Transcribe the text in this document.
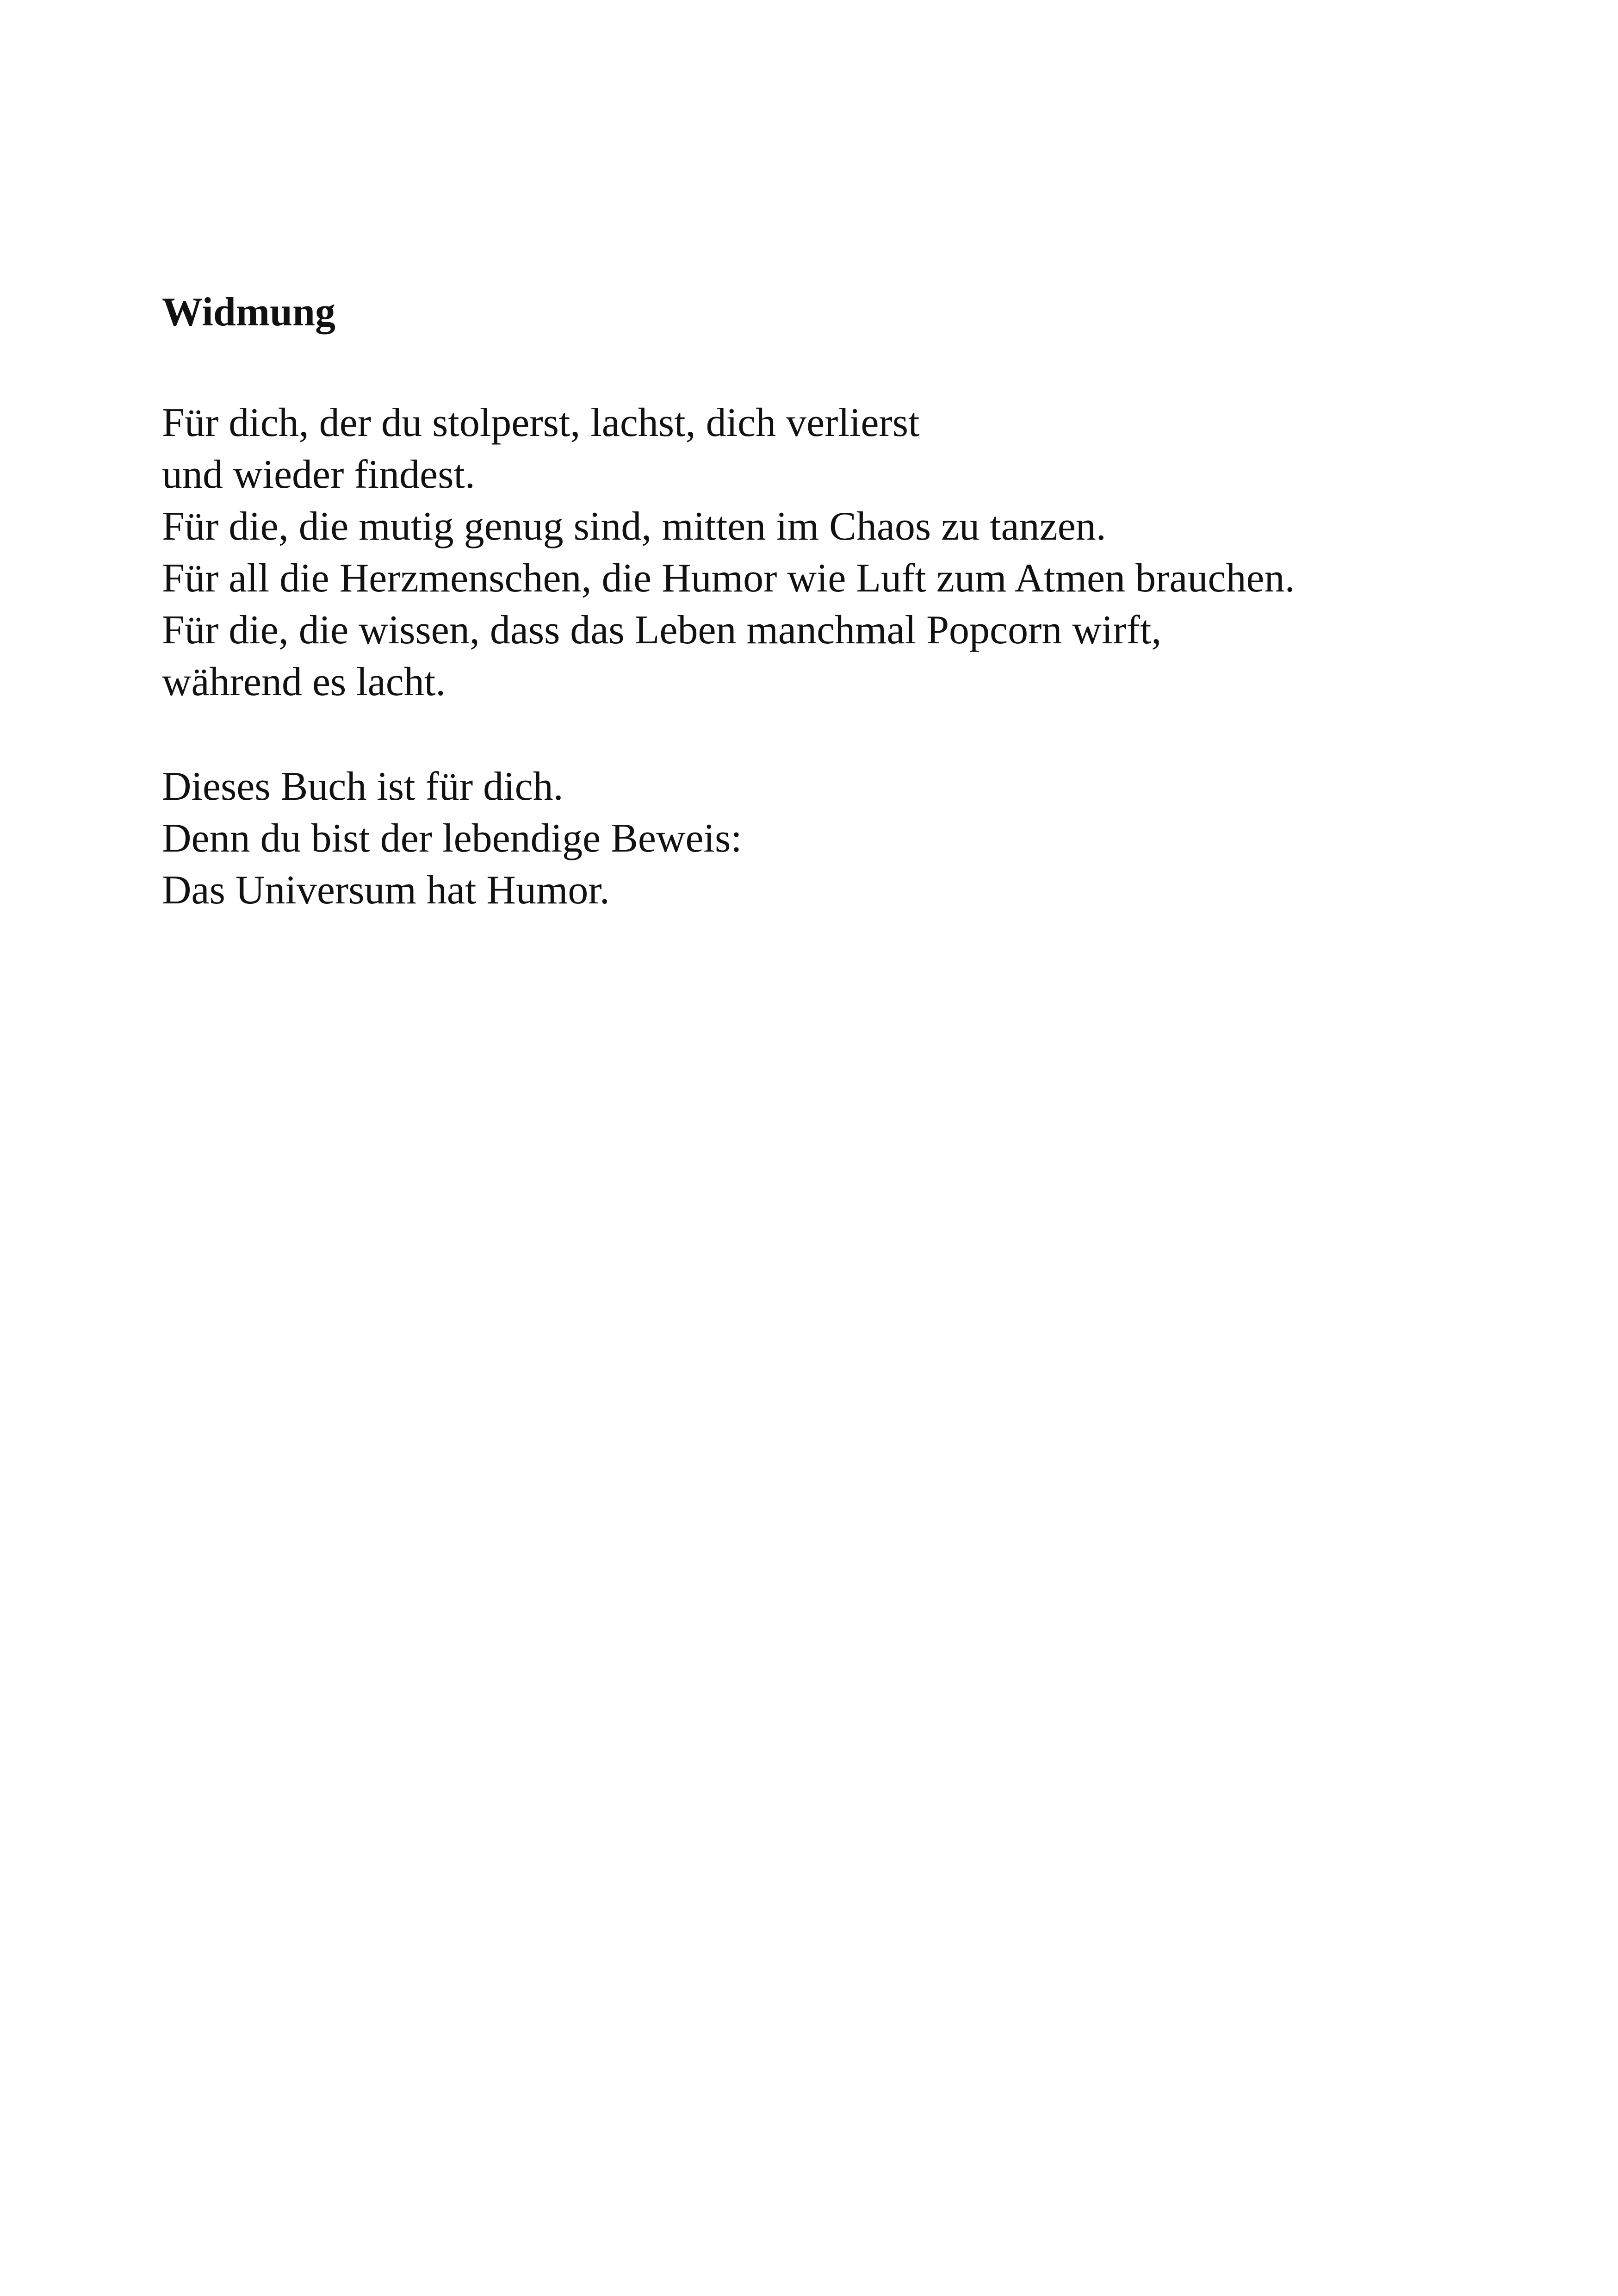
Widmung
Für dich, der du stolperst, lachst, dich verlierst
und wieder findest.
Für die, die mutig genug sind, mitten im Chaos zu tanzen.
Für all die Herzmenschen, die Humor wie Luft zum Atmen brauchen.
Für die, die wissen, dass das Leben manchmal Popcorn wirft,
während es lacht.
Dieses Buch ist für dich.
Denn du bist der lebendige Beweis:
Das Universum hat Humor.
